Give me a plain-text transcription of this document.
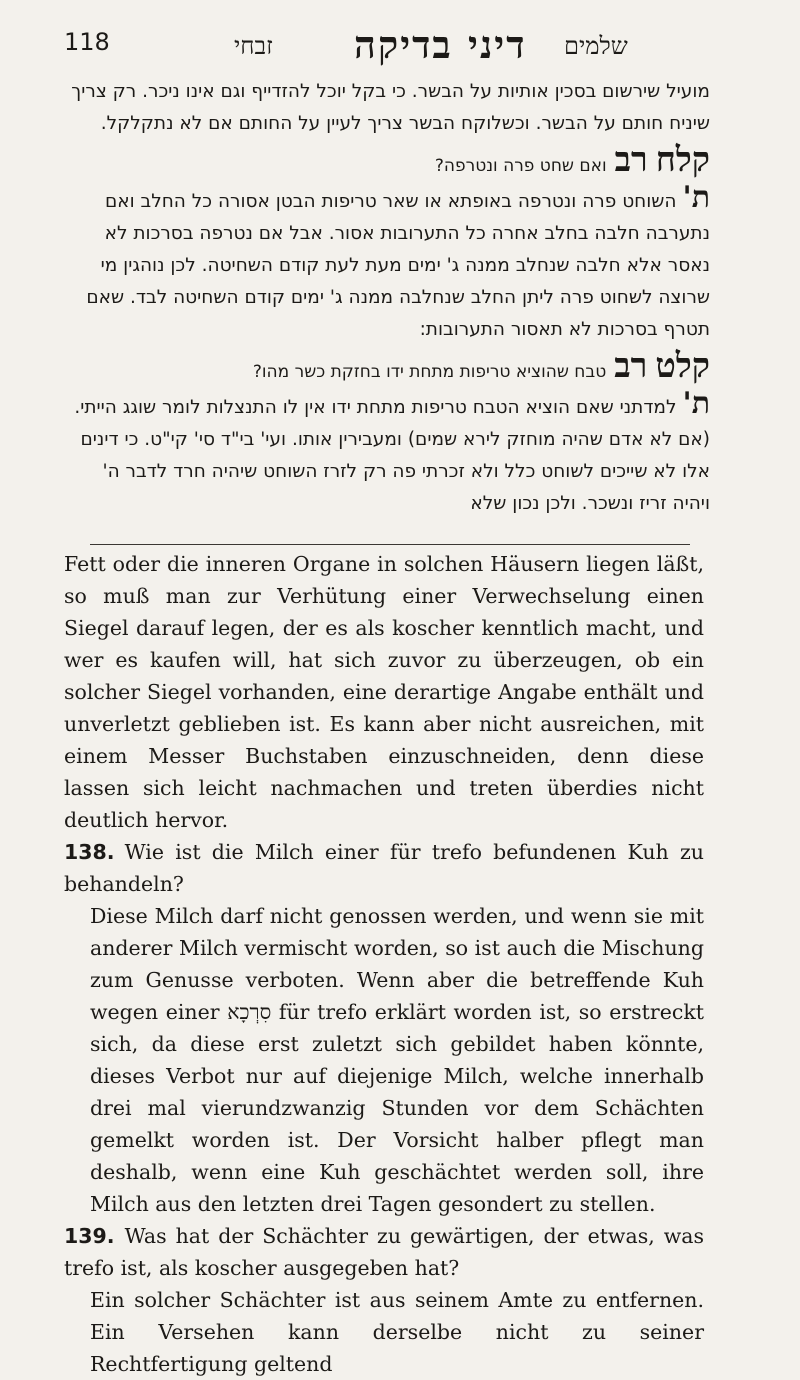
118	זבחי דיני בדיקה שלמים

מועיל שירשום בסכין אותיות על הבשר. כי בקל יוכל להזדייף וגם אינו ניכר. רק צריך שיניח חותם על הבשר. וכשלוקח הבשר צריך לעיין על החותם אם לא נתקלקל.

קלח
רב
ואם שחט פרה ונטרפה?

ת'השוחט פרה ונטרפה באופתא או שאר טריפות הבטן אסורה כל החלב ואם נתערבה חלבה בחלב אחרה כל התערובות אסור. אבל אם נטרפה בסרכות לא נאסר אלא חלבה שנחלב ממנה ג' ימים מעת לעת קודם השחיטה. לכן נוהגין מי שרוצה לשחוט פרה ליתן החלב שנחלבה ממנה ג' ימים קודם השחיטה לבד. שאם תטרף בסרכות לא תאסור התערובות:

קלט
רב
טבח שהוציא טריפות מתחת ידו בחזקת כשר מהו?

ת'למדתני שאם הוציא הטבח טריפות מתחת ידו אין לו התנצלות לומר שוגג הייתי. (אם לא אדם שהיה מוחזק לירא שמים) ומעבירין אותו. ועי' בי"ד סי' קי"ט. כי דינים אלו לא שייכים לשוחט כלל ולא זכרתי פה רק לזרז השוחט שיהיה חרד לדבר ה' ויהיה זריז ונשכר. ולכן נכון שלא

Fett oder die inneren Organe in solchen Häusern liegen läßt, so muß man zur Verhütung einer Verwechselung einen Siegel darauf legen, der es als koscher kenntlich macht, und wer es kaufen will, hat sich zuvor zu überzeugen, ob ein solcher Siegel vorhanden, eine derartige Angabe enthält und unverletzt geblieben ist. Es kann aber nicht ausreichen, mit einem Messer Buchstaben einzuschneiden, denn diese lassen sich leicht nachmachen und treten überdies nicht deutlich hervor.

138. Wie ist die Milch einer für trefo befundenen Kuh zu behandeln?

Diese Milch darf nicht genossen werden, und wenn sie mit anderer Milch vermischt worden, so ist auch die Mischung zum Genusse verboten. Wenn aber die betreffende Kuh wegen einer סִרְכָא für trefo erklärt worden ist, so erstreckt sich, da diese erst zuletzt sich gebildet haben könnte, dieses Verbot nur auf diejenige Milch, welche innerhalb drei mal vierundzwanzig Stunden vor dem Schächten gemelkt worden ist. Der Vorsicht halber pflegt man deshalb, wenn eine Kuh geschächtet werden soll, ihre Milch aus den letzten drei Tagen gesondert zu stellen.

139. Was hat der Schächter zu gewärtigen, der etwas, was trefo ist, als koscher ausgegeben hat?

Ein solcher Schächter ist aus seinem Amte zu entfernen. Ein Versehen kann derselbe nicht zu seiner Rechtfertigung geltend
